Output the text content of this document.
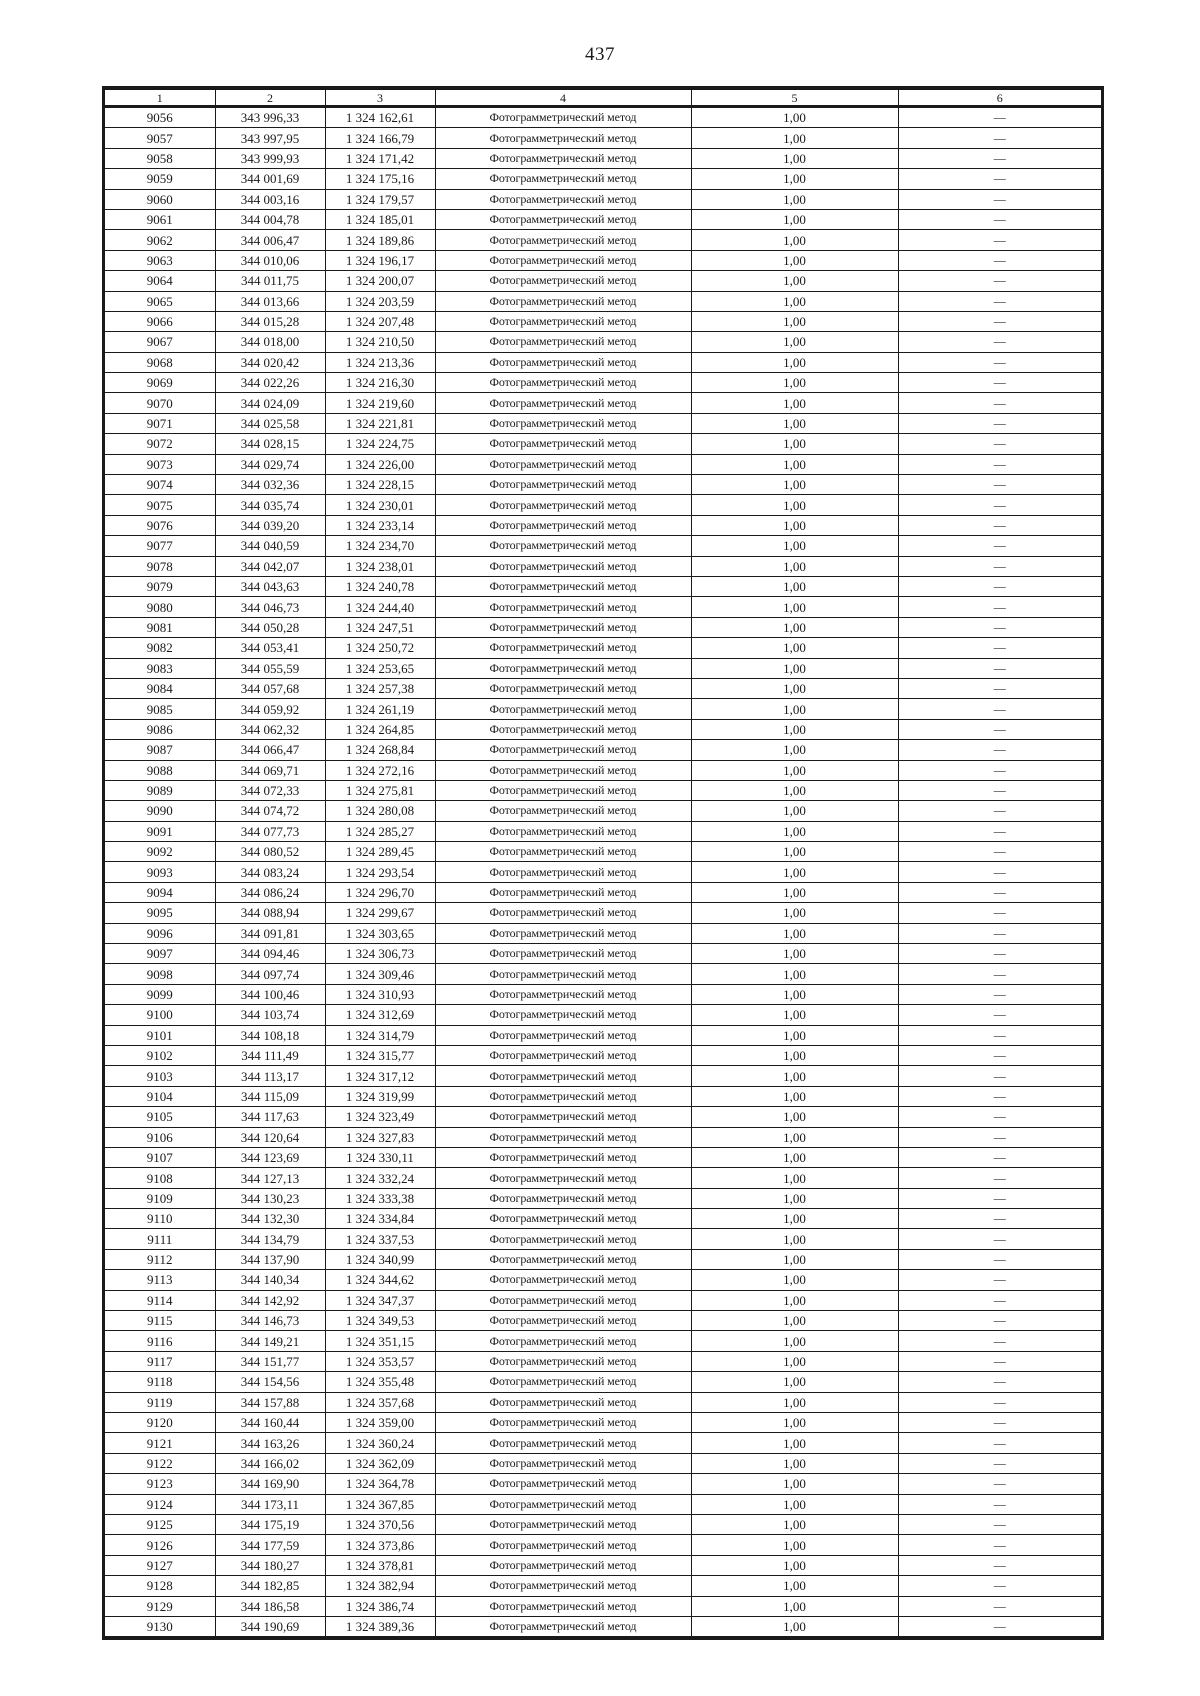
437
1	2	3	4	5	6
9056	343 996,33	1 324 162,61	Фотограмметрический метод	1,00	—
9057	343 997,95	1 324 166,79	Фотограмметрический метод	1,00	—
9058	343 999,93	1 324 171,42	Фотограмметрический метод	1,00	—
9059	344 001,69	1 324 175,16	Фотограмметрический метод	1,00	—
9060	344 003,16	1 324 179,57	Фотограмметрический метод	1,00	—
9061	344 004,78	1 324 185,01	Фотограмметрический метод	1,00	—
9062	344 006,47	1 324 189,86	Фотограмметрический метод	1,00	—
9063	344 010,06	1 324 196,17	Фотограмметрический метод	1,00	—
9064	344 011,75	1 324 200,07	Фотограмметрический метод	1,00	—
9065	344 013,66	1 324 203,59	Фотограмметрический метод	1,00	—
9066	344 015,28	1 324 207,48	Фотограмметрический метод	1,00	—
9067	344 018,00	1 324 210,50	Фотограмметрический метод	1,00	—
9068	344 020,42	1 324 213,36	Фотограмметрический метод	1,00	—
9069	344 022,26	1 324 216,30	Фотограмметрический метод	1,00	—
9070	344 024,09	1 324 219,60	Фотограмметрический метод	1,00	—
9071	344 025,58	1 324 221,81	Фотограмметрический метод	1,00	—
9072	344 028,15	1 324 224,75	Фотограмметрический метод	1,00	—
9073	344 029,74	1 324 226,00	Фотограмметрический метод	1,00	—
9074	344 032,36	1 324 228,15	Фотограмметрический метод	1,00	—
9075	344 035,74	1 324 230,01	Фотограмметрический метод	1,00	—
9076	344 039,20	1 324 233,14	Фотограмметрический метод	1,00	—
9077	344 040,59	1 324 234,70	Фотограмметрический метод	1,00	—
9078	344 042,07	1 324 238,01	Фотограмметрический метод	1,00	—
9079	344 043,63	1 324 240,78	Фотограмметрический метод	1,00	—
9080	344 046,73	1 324 244,40	Фотограмметрический метод	1,00	—
9081	344 050,28	1 324 247,51	Фотограмметрический метод	1,00	—
9082	344 053,41	1 324 250,72	Фотограмметрический метод	1,00	—
9083	344 055,59	1 324 253,65	Фотограмметрический метод	1,00	—
9084	344 057,68	1 324 257,38	Фотограмметрический метод	1,00	—
9085	344 059,92	1 324 261,19	Фотограмметрический метод	1,00	—
9086	344 062,32	1 324 264,85	Фотограмметрический метод	1,00	—
9087	344 066,47	1 324 268,84	Фотограмметрический метод	1,00	—
9088	344 069,71	1 324 272,16	Фотограмметрический метод	1,00	—
9089	344 072,33	1 324 275,81	Фотограмметрический метод	1,00	—
9090	344 074,72	1 324 280,08	Фотограмметрический метод	1,00	—
9091	344 077,73	1 324 285,27	Фотограмметрический метод	1,00	—
9092	344 080,52	1 324 289,45	Фотограмметрический метод	1,00	—
9093	344 083,24	1 324 293,54	Фотограмметрический метод	1,00	—
9094	344 086,24	1 324 296,70	Фотограмметрический метод	1,00	—
9095	344 088,94	1 324 299,67	Фотограмметрический метод	1,00	—
9096	344 091,81	1 324 303,65	Фотограмметрический метод	1,00	—
9097	344 094,46	1 324 306,73	Фотограмметрический метод	1,00	—
9098	344 097,74	1 324 309,46	Фотограмметрический метод	1,00	—
9099	344 100,46	1 324 310,93	Фотограмметрический метод	1,00	—
9100	344 103,74	1 324 312,69	Фотограмметрический метод	1,00	—
9101	344 108,18	1 324 314,79	Фотограмметрический метод	1,00	—
9102	344 111,49	1 324 315,77	Фотограмметрический метод	1,00	—
9103	344 113,17	1 324 317,12	Фотограмметрический метод	1,00	—
9104	344 115,09	1 324 319,99	Фотограмметрический метод	1,00	—
9105	344 117,63	1 324 323,49	Фотограмметрический метод	1,00	—
9106	344 120,64	1 324 327,83	Фотограмметрический метод	1,00	—
9107	344 123,69	1 324 330,11	Фотограмметрический метод	1,00	—
9108	344 127,13	1 324 332,24	Фотограмметрический метод	1,00	—
9109	344 130,23	1 324 333,38	Фотограмметрический метод	1,00	—
9110	344 132,30	1 324 334,84	Фотограмметрический метод	1,00	—
9111	344 134,79	1 324 337,53	Фотограмметрический метод	1,00	—
9112	344 137,90	1 324 340,99	Фотограмметрический метод	1,00	—
9113	344 140,34	1 324 344,62	Фотограмметрический метод	1,00	—
9114	344 142,92	1 324 347,37	Фотограмметрический метод	1,00	—
9115	344 146,73	1 324 349,53	Фотограмметрический метод	1,00	—
9116	344 149,21	1 324 351,15	Фотограмметрический метод	1,00	—
9117	344 151,77	1 324 353,57	Фотограмметрический метод	1,00	—
9118	344 154,56	1 324 355,48	Фотограмметрический метод	1,00	—
9119	344 157,88	1 324 357,68	Фотограмметрический метод	1,00	—
9120	344 160,44	1 324 359,00	Фотограмметрический метод	1,00	—
9121	344 163,26	1 324 360,24	Фотограмметрический метод	1,00	—
9122	344 166,02	1 324 362,09	Фотограмметрический метод	1,00	—
9123	344 169,90	1 324 364,78	Фотограмметрический метод	1,00	—
9124	344 173,11	1 324 367,85	Фотограмметрический метод	1,00	—
9125	344 175,19	1 324 370,56	Фотограмметрический метод	1,00	—
9126	344 177,59	1 324 373,86	Фотограмметрический метод	1,00	—
9127	344 180,27	1 324 378,81	Фотограмметрический метод	1,00	—
9128	344 182,85	1 324 382,94	Фотограмметрический метод	1,00	—
9129	344 186,58	1 324 386,74	Фотограмметрический метод	1,00	—
9130	344 190,69	1 324 389,36	Фотограмметрический метод	1,00	—
